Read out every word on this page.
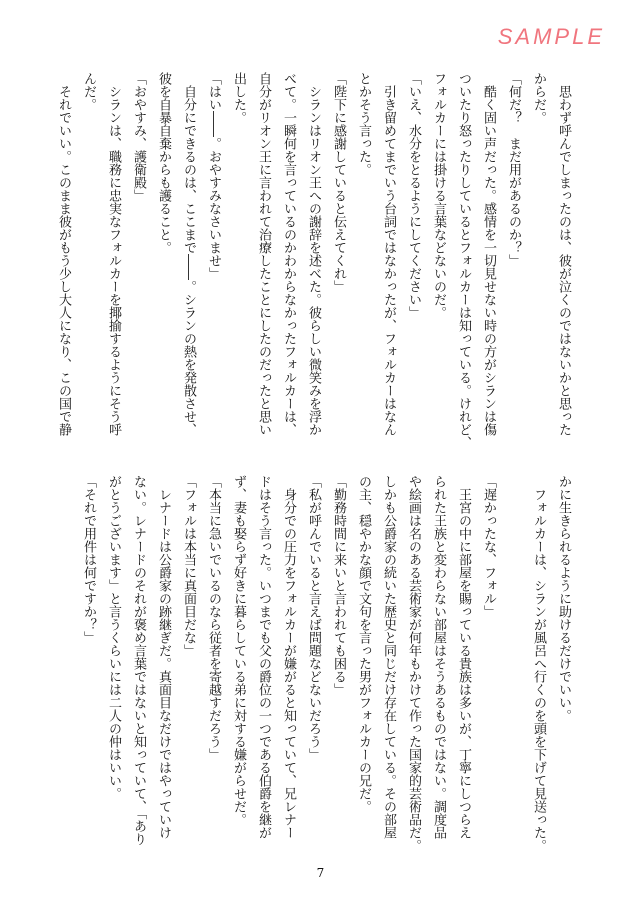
SAMPLE
　思わず呼んでしまったのは、彼が泣くのではないかと思った
からだ。
「何だ？　まだ用があるのか？」
　酷く固い声だった。感情を一切見せない時の方がシランは傷
ついたり怒ったりしているとフォルカーは知っている。けれど、
フォルカーには掛ける言葉などないのだ。
「いえ、水分をとるようにしてください」
　引き留めてまでいう台詞ではなかったが、フォルカーはなん
とかそう言った。
「陛下に感謝していると伝えてくれ」
　シランはリオン王への謝辞を述べた。彼らしい微笑みを浮か
べて。一瞬何を言っているのかわからなかったフォルカーは、
自分がリオン王に言われて治療したことにしたのだったと思い
出した。
「はい――。おやすみなさいませ」
　自分にできるのは、ここまで――。シランの熱を発散させ、
彼を自暴自棄からも護ること。
「おやすみ、護衛殿」
　シランは、職務に忠実なフォルカーを揶揄するようにそう呼
んだ。
　それでいい。このまま彼がもう少し大人になり、この国で静
かに生きられるように助けるだけでいい。
　フォルカーは、シランが風呂へ行くのを頭を下げて見送った。

「遅かったな、フォル」
　王宮の中に部屋を賜っている貴族は多いが、丁寧にしつらえ
られた王族と変わらない部屋はそうあるものではない。調度品
や絵画は名のある芸術家が何年もかけて作った国家的芸術品だ。
しかも公爵家の続いた歴史と同じだけ存在している。その部屋
の主、穏やかな顔で文句を言った男がフォルカーの兄だ。
「勤務時間に来いと言われても困る」
「私が呼んでいると言えば問題などないだろう」
　身分での圧力をフォルカーが嫌がると知っていて、兄レナー
ドはそう言った。いつまでも父の爵位の一つである伯爵を継が
ず、妻も娶らず好きに暮らしている弟に対する嫌がらせだ。
「本当に急いでいるのなら従者を寄越すだろう」
「フォルは本当に真面目だな」
　レナードは公爵家の跡継ぎだ。真面目なだけではやっていけ
ない。レナードのそれが褒め言葉ではないと知っていて、「あり
がとうございます」と言うくらいには二人の仲はいい。
「それで用件は何ですか？」
7
